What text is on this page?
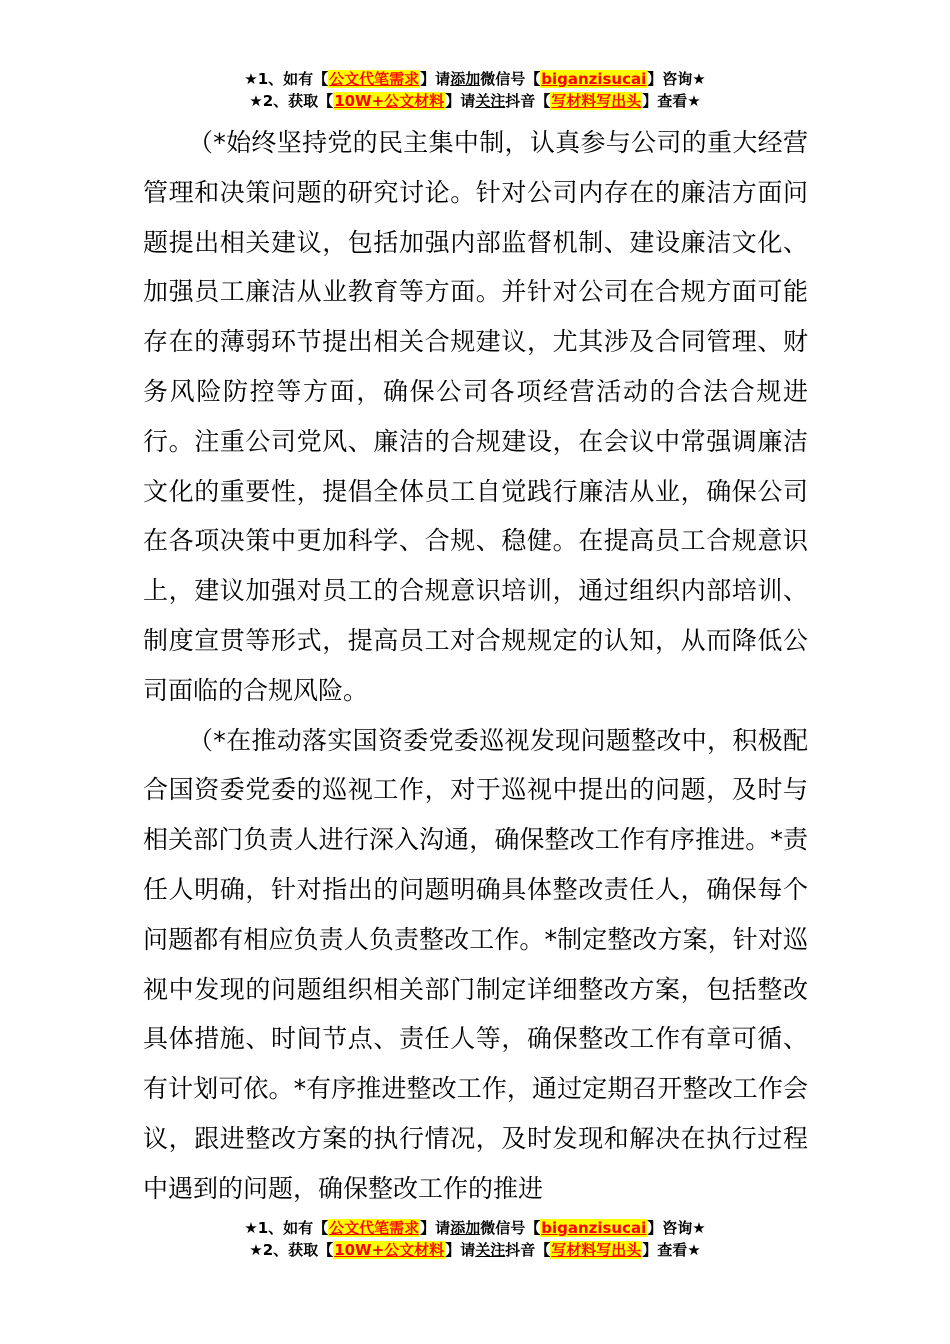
★1、如有【公文代笔需求】请添加微信号【biganzisucai】咨询★
★2、获取【10W+公文材料】请关注抖音【写材料写出头】查看★

（*始终坚持党的民主集中制，认真参与公司的重大经营管理和决策问题的研究讨论。针对公司内存在的廉洁方面问题提出相关建议，包括加强内部监督机制、建设廉洁文化、加强员工廉洁从业教育等方面。并针对公司在合规方面可能存在的薄弱环节提出相关合规建议，尤其涉及合同管理、财务风险防控等方面，确保公司各项经营活动的合法合规进行。注重公司党风、廉洁的合规建设，在会议中常强调廉洁文化的重要性，提倡全体员工自觉践行廉洁从业，确保公司在各项决策中更加科学、合规、稳健。在提高员工合规意识上，建议加强对员工的合规意识培训，通过组织内部培训、制度宣贯等形式，提高员工对合规规定的认知，从而降低公司面临的合规风险。

（*在推动落实国资委党委巡视发现问题整改中，积极配合国资委党委的巡视工作，对于巡视中提出的问题，及时与相关部门负责人进行深入沟通，确保整改工作有序推进。*责任人明确，针对指出的问题明确具体整改责任人，确保每个问题都有相应负责人负责整改工作。*制定整改方案，针对巡视中发现的问题组织相关部门制定详细整改方案，包括整改具体措施、时间节点、责任人等，确保整改工作有章可循、有计划可依。*有序推进整改工作，通过定期召开整改工作会议，跟进整改方案的执行情况，及时发现和解决在执行过程中遇到的问题，确保整改工作的推进

★1、如有【公文代笔需求】请添加微信号【biganzisucai】咨询★
★2、获取【10W+公文材料】请关注抖音【写材料写出头】查看★
